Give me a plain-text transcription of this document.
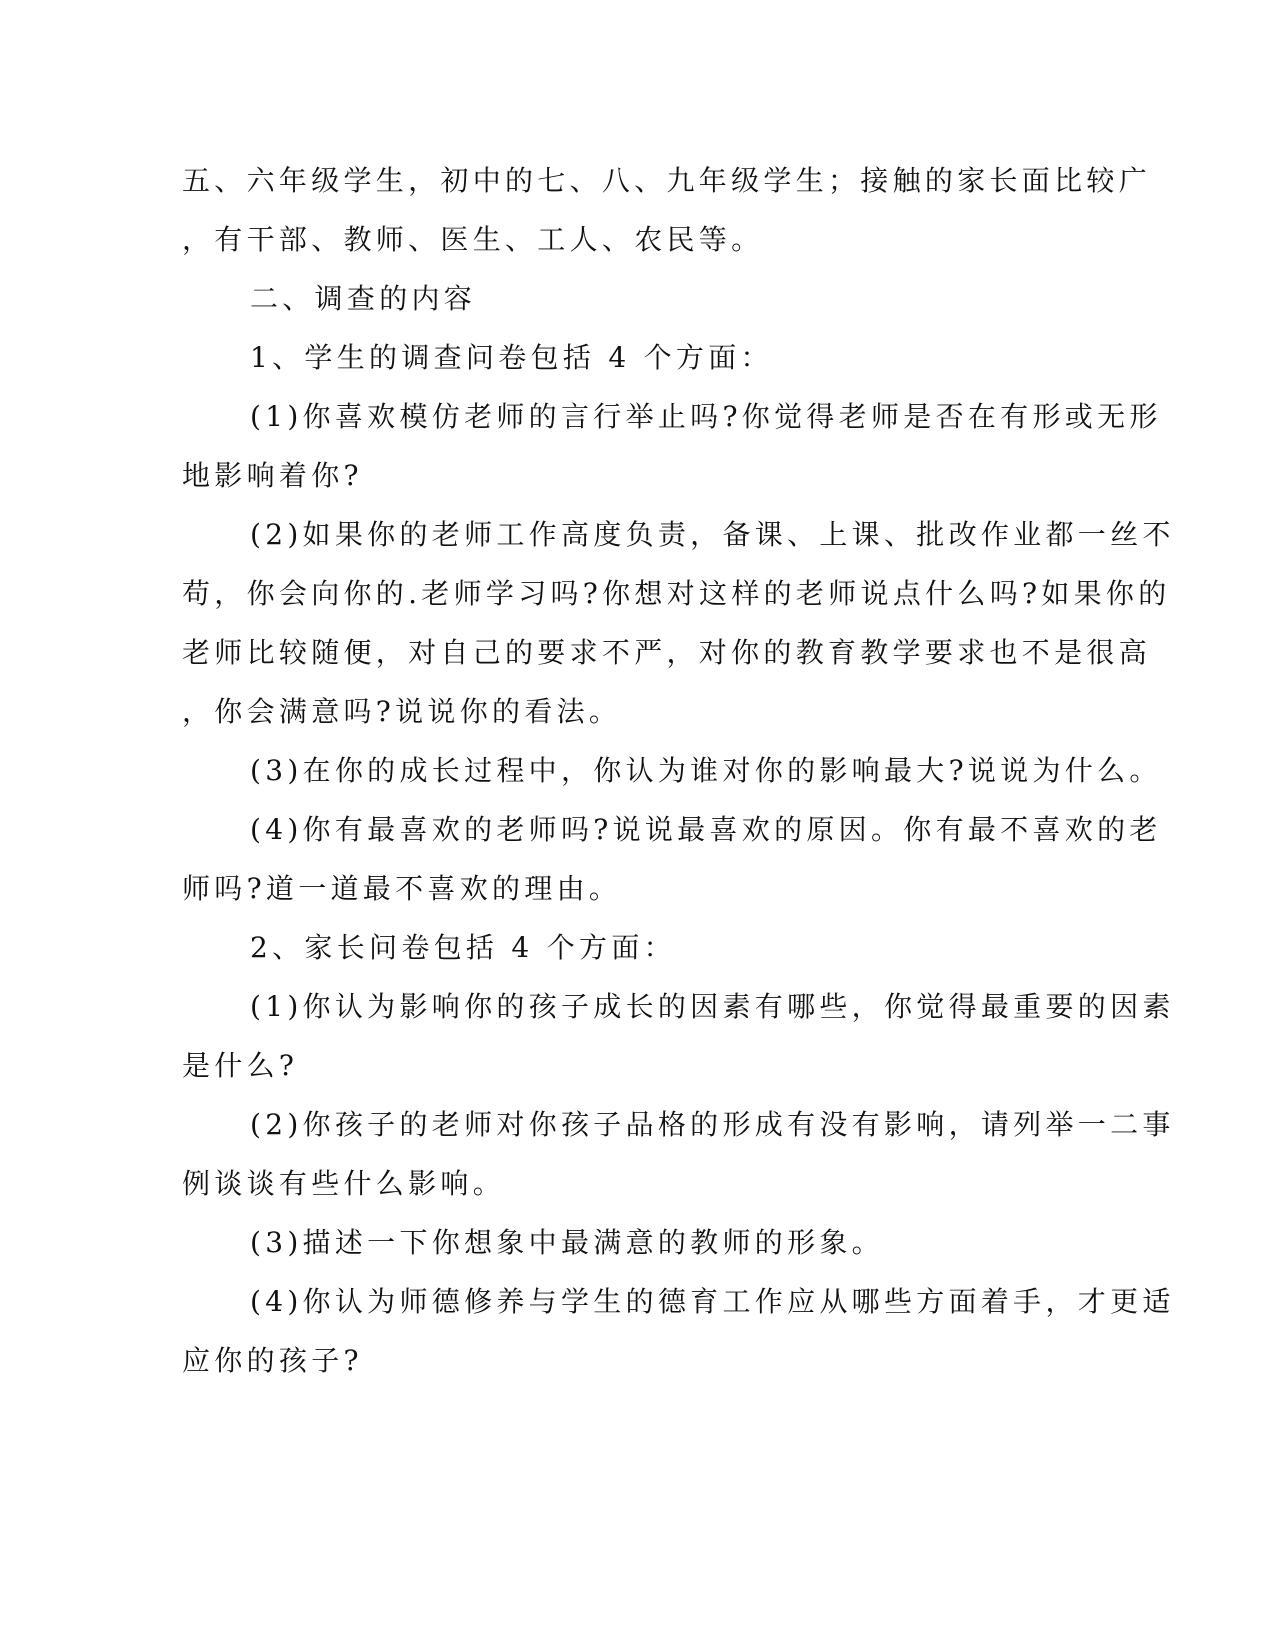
五、六年级学生，初中的七、八、九年级学生；接触的家长面比较广
，有干部、教师、医生、工人、农民等。
二、调查的内容
1、学生的调查问卷包括 4 个方面：
(1)你喜欢模仿老师的言行举止吗?你觉得老师是否在有形或无形
地影响着你?
(2)如果你的老师工作高度负责，备课、上课、批改作业都一丝不
苟，你会向你的.老师学习吗?你想对这样的老师说点什么吗?如果你的
老师比较随便，对自己的要求不严，对你的教育教学要求也不是很高
，你会满意吗?说说你的看法。
(3)在你的成长过程中，你认为谁对你的影响最大?说说为什么。
(4)你有最喜欢的老师吗?说说最喜欢的原因。你有最不喜欢的老
师吗?道一道最不喜欢的理由。
2、家长问卷包括 4 个方面：
(1)你认为影响你的孩子成长的因素有哪些，你觉得最重要的因素
是什么?
(2)你孩子的老师对你孩子品格的形成有没有影响，请列举一二事
例谈谈有些什么影响。
(3)描述一下你想象中最满意的教师的形象。
(4)你认为师德修养与学生的德育工作应从哪些方面着手，才更适
应你的孩子?
